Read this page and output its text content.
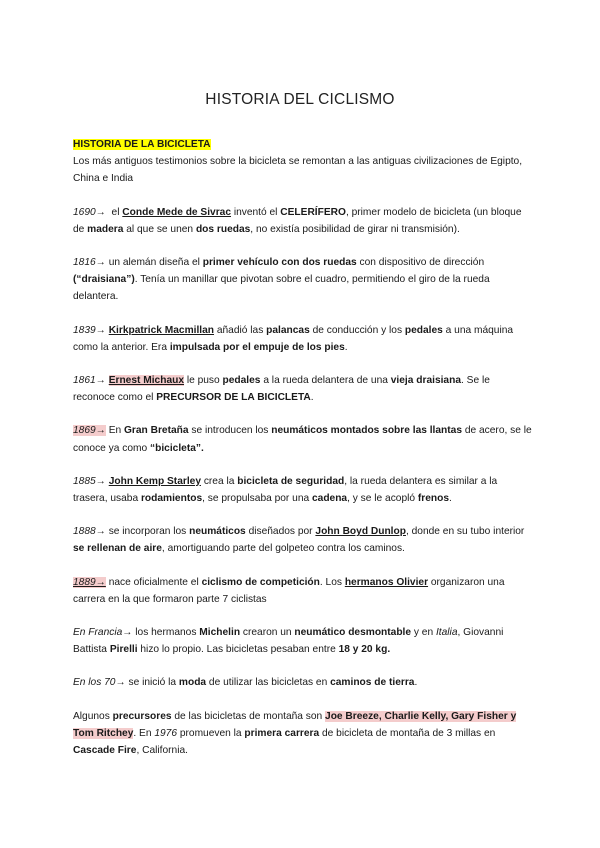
HISTORIA DEL CICLISMO
HISTORIA DE LA BICICLETA
Los más antiguos testimonios sobre la bicicleta se remontan a las antiguas civilizaciones de Egipto, China e India
1690→ el Conde Mede de Sivrac inventó el CELERÍFERO, primer modelo de bicicleta (un bloque de madera al que se unen dos ruedas, no existía posibilidad de girar ni transmisión).
1816→ un alemán diseña el primer vehículo con dos ruedas con dispositivo de dirección (“draisiana”). Tenía un manillar que pivotan sobre el cuadro, permitiendo el giro de la rueda delantera.
1839→ Kirkpatrick Macmillan añadió las palancas de conducción y los pedales a una máquina como la anterior. Era impulsada por el empuje de los pies.
1861→ Ernest Michaux le puso pedales a la rueda delantera de una vieja draisiana. Se le reconoce como el PRECURSOR DE LA BICICLETA.
1869→ En Gran Bretaña se introducen los neumáticos montados sobre las llantas de acero, se le conoce ya como “bicicleta”.
1885→ John Kemp Starley crea la bicicleta de seguridad, la rueda delantera es similar a la trasera, usaba rodamientos, se propulsaba por una cadena, y se le acopló frenos.
1888→ se incorporan los neumáticos diseñados por John Boyd Dunlop, donde en su tubo interior se rellenan de aire, amortiguando parte del golpeteo contra los caminos.
1889→ nace oficialmente el ciclismo de competición. Los hermanos Olivier organizaron una carrera en la que formaron parte 7 ciclistas
En Francia→ los hermanos Michelin crearon un neumático desmontable y en Italia, Giovanni Battista Pirelli hizo lo propio. Las bicicletas pesaban entre 18 y 20 kg.
En los 70→ se inició la moda de utilizar las bicicletas en caminos de tierra.
Algunos precursores de las bicicletas de montaña son Joe Breeze, Charlie Kelly, Gary Fisher y Tom Ritchey. En 1976 promueven la primera carrera de bicicleta de montaña de 3 millas en Cascade Fire, California.
